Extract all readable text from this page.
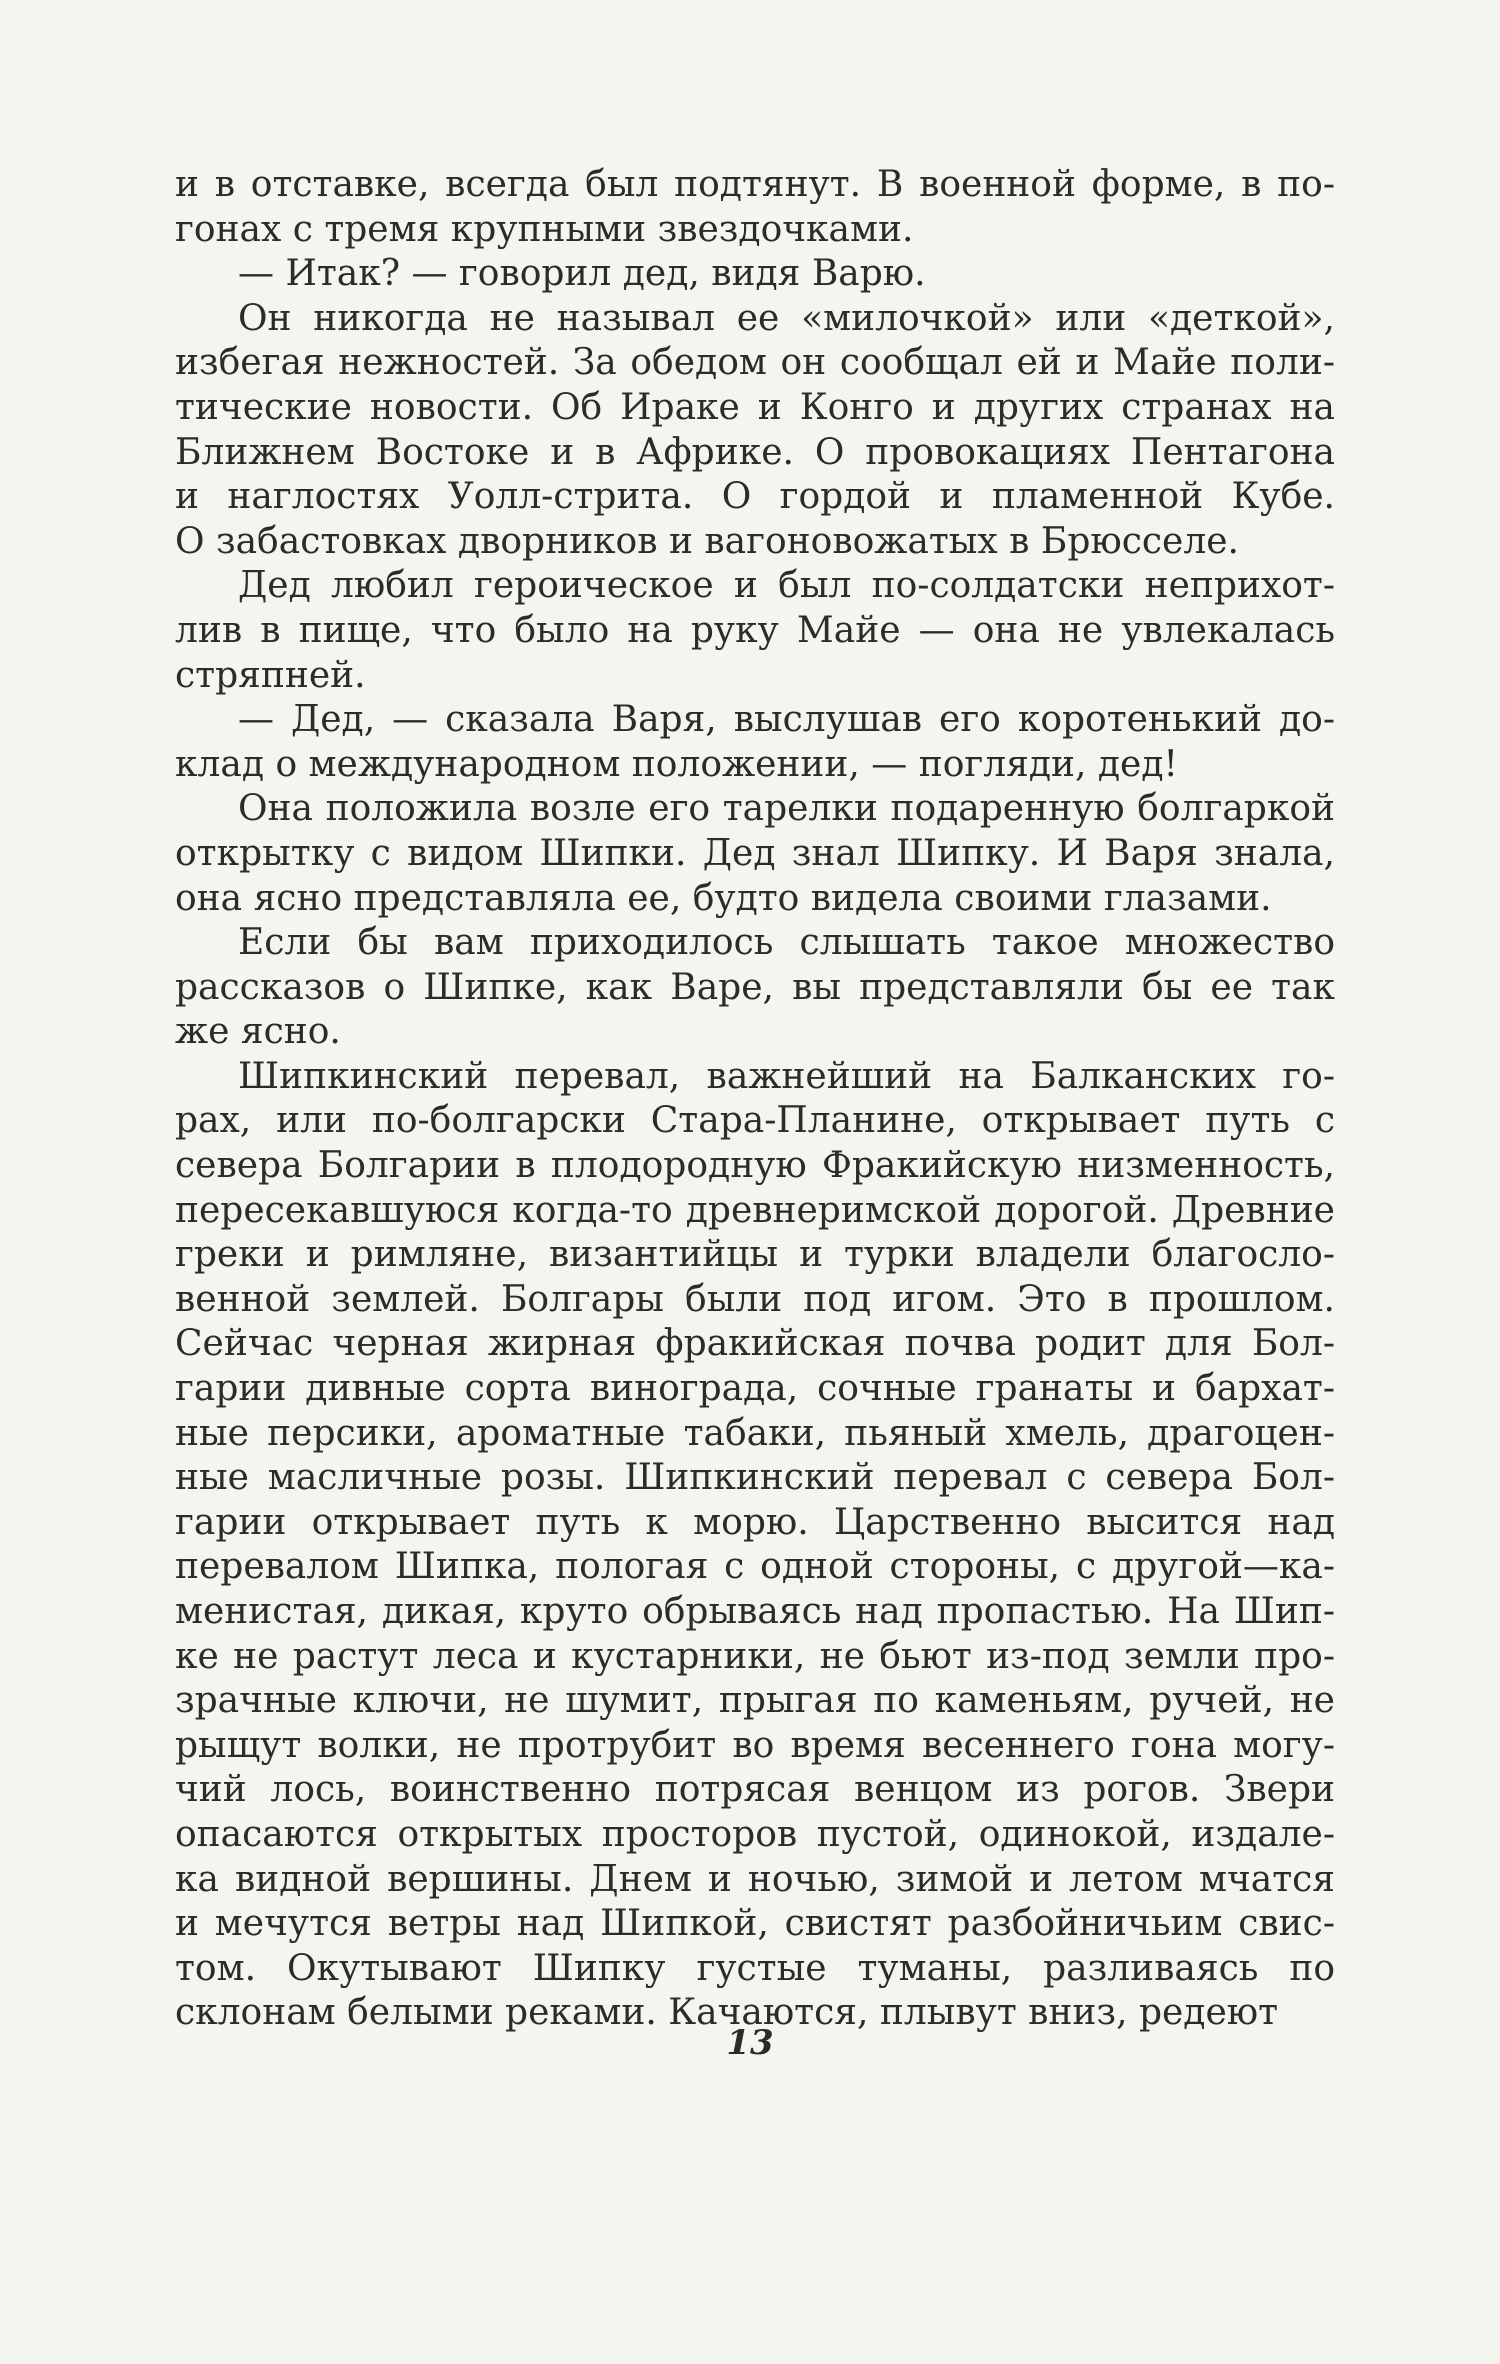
и в отставке, всегда был подтянут. В военной форме, в по-
гонах с тремя крупными звездочками.
— Итак? — говорил дед, видя Варю.
Он никогда не называл ее «милочкой» или «деткой»,
избегая нежностей. За обедом он сообщал ей и Майе поли-
тические новости. Об Ираке и Конго и других странах на
Ближнем Востоке и в Африке. О провокациях Пентагона
и наглостях Уолл-стрита. О гордой и пламенной Кубе.
О забастовках дворников и вагоновожатых в Брюсселе.
Дед любил героическое и был по-солдатски неприхот-
лив в пище, что было на руку Майе — она не увлекалась
стряпней.
— Дед, — сказала Варя, выслушав его коротенький до-
клад о международном положении, — погляди, дед!
Она положила возле его тарелки подаренную болгаркой
открытку с видом Шипки. Дед знал Шипку. И Варя знала,
она ясно представляла ее, будто видела своими глазами.
Если бы вам приходилось слышать такое множество
рассказов о Шипке, как Варе, вы представляли бы ее так
же ясно.
Шипкинский перевал, важнейший на Балканских го-
рах, или по-болгарски Стара-Планине, открывает путь с
севера Болгарии в плодородную Фракийскую низменность,
пересекавшуюся когда-то древнеримской дорогой. Древние
греки и римляне, византийцы и турки владели благосло-
венной землей. Болгары были под игом. Это в прошлом.
Сейчас черная жирная фракийская почва родит для Бол-
гарии дивные сорта винограда, сочные гранаты и бархат-
ные персики, ароматные табаки, пьяный хмель, драгоцен-
ные масличные розы. Шипкинский перевал с севера Бол-
гарии открывает путь к морю. Царственно высится над
перевалом Шипка, пологая с одной стороны, с другой—ка-
менистая, дикая, круто обрываясь над пропастью. На Шип-
ке не растут леса и кустарники, не бьют из-под земли про-
зрачные ключи, не шумит, прыгая по каменьям, ручей, не
рыщут волки, не протрубит во время весеннего гона могу-
чий лось, воинственно потрясая венцом из рогов. Звери
опасаются открытых просторов пустой, одинокой, издале-
ка видной вершины. Днем и ночью, зимой и летом мчатся
и мечутся ветры над Шипкой, свистят разбойничьим свис-
том. Окутывают Шипку густые туманы, разливаясь по
склонам белыми реками. Качаются, плывут вниз, редеют
13
